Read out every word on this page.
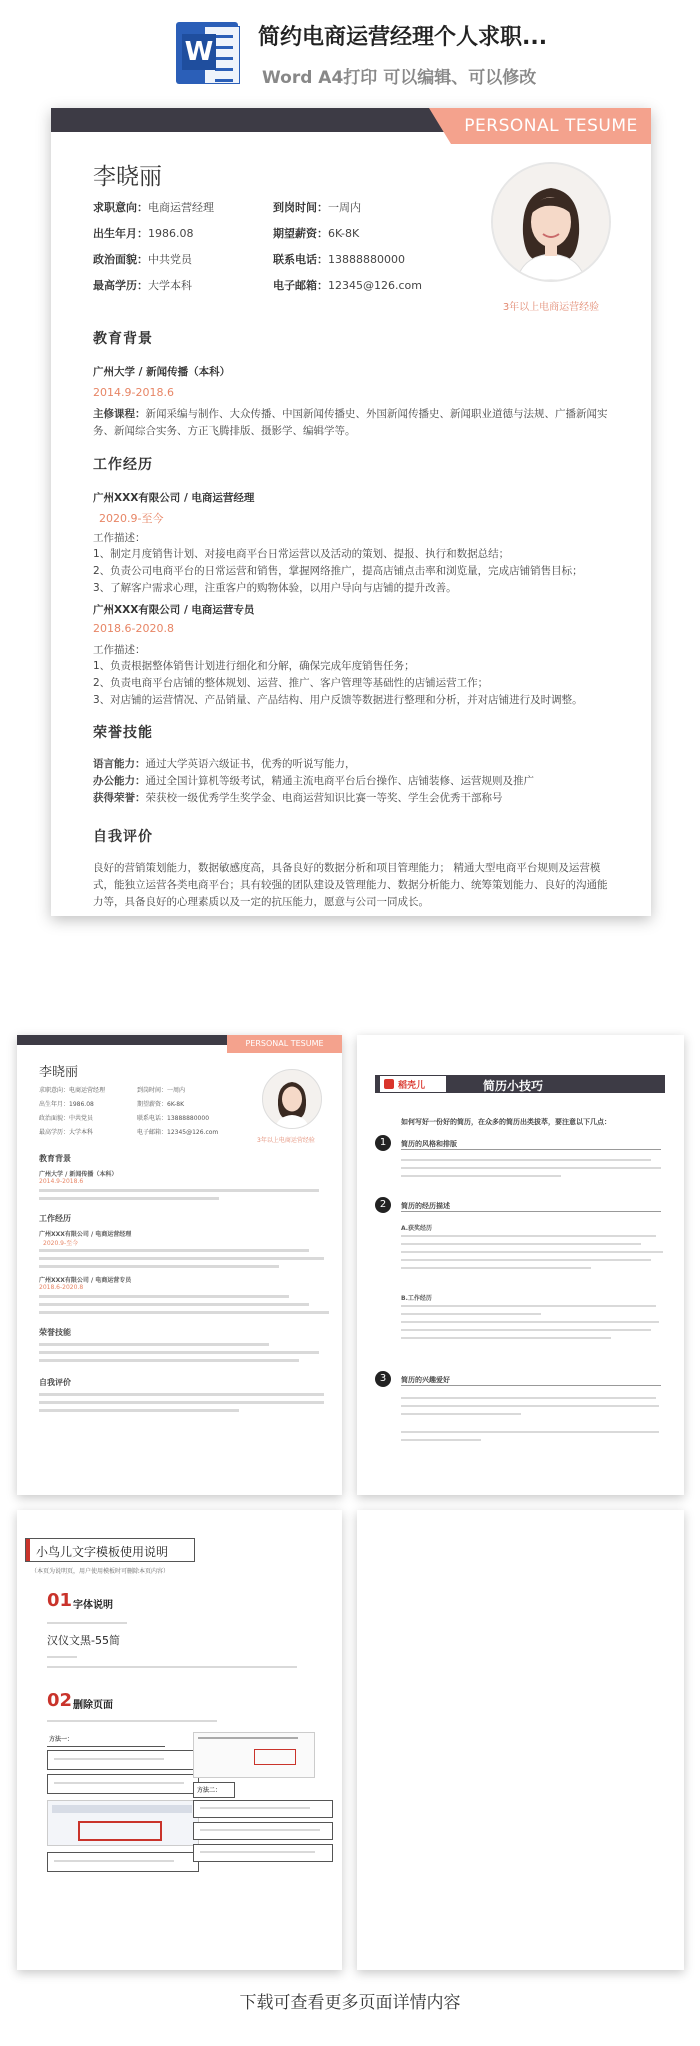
W 简约电商运营经理个人求职...
Word A4打印 可以编辑、可以修改
PERSONAL TESUME
李晓丽
求职意向：电商运营经理	到岗时间：一周内
出生年月：1986.08	期望薪资：6K-8K
政治面貌：中共党员	联系电话：13888880000
最高学历：大学本科	电子邮箱：12345@126.com
3年以上电商运营经验
教育背景
广州大学 / 新闻传播（本科）
2014.9-2018.6
主修课程：新闻采编与制作、大众传播、中国新闻传播史、外国新闻传播史、新闻职业道德与法规、广播新闻实务、新闻综合实务、方正飞腾排版、摄影学、编辑学等。
工作经历
广州XXX有限公司 / 电商运营经理
2020.9-至今
工作描述：
1、制定月度销售计划、对接电商平台日常运营以及活动的策划、提报、执行和数据总结；
2、负责公司电商平台的日常运营和销售，掌握网络推广，提高店铺点击率和浏览量，完成店铺销售目标；
3、了解客户需求心理，注重客户的购物体验，以用户导向与店铺的提升改善。
广州XXX有限公司 / 电商运营专员
2018.6-2020.8
工作描述：
1、负责根据整体销售计划进行细化和分解，确保完成年度销售任务；
2、负责电商平台店铺的整体规划、运营、推广、客户管理等基础性的店铺运营工作；
3、对店铺的运营情况、产品销量、产品结构、用户反馈等数据进行整理和分析，并对店铺进行及时调整。
荣誉技能
语言能力：通过大学英语六级证书，优秀的听说写能力，
办公能力：通过全国计算机等级考试，精通主流电商平台后台操作、店铺装修、运营规则及推广
获得荣誉：荣获校一级优秀学生奖学金、电商运营知识比赛一等奖、学生会优秀干部称号
自我评价
良好的营销策划能力，数据敏感度高，具备良好的数据分析和项目管理能力； 精通大型电商平台规则及运营模式，能独立运营各类电商平台；具有较强的团队建设及管理能力、数据分析能力、统筹策划能力、良好的沟通能力等，具备良好的心理素质以及一定的抗压能力，愿意与公司一同成长。
PERSONAL TESUME
李晓丽
求职意向：电商运营经理	到岗时间：一周内
出生年月：1986.08	期望薪资：6K-8K
政治面貌：中共党员	联系电话：13888880000
最高学历：大学本科	电子邮箱：12345@126.com
3年以上电商运营经验
教育背景
广州大学 / 新闻传播（本科）
2014.9-2018.6
工作经历
广州XXX有限公司 / 电商运营经理
2020.9-至今
广州XXX有限公司 / 电商运营专员
2018.6-2020.8
荣誉技能
自我评价
稻壳儿	简历小技巧
如何写好一份好的简历，在众多的简历出类拔萃，要注意以下几点：
1	简历的风格和排版
2	简历的经历描述
A.获奖经历
B.工作经历
3	简历的兴趣爱好
小鸟儿文字模板使用说明
（本页为说明页，用户使用模板时可删除本页内容）
01 字体说明
汉仪文黑-55简
02 删除页面
方法一：
方法二：
下载可查看更多页面详情内容
